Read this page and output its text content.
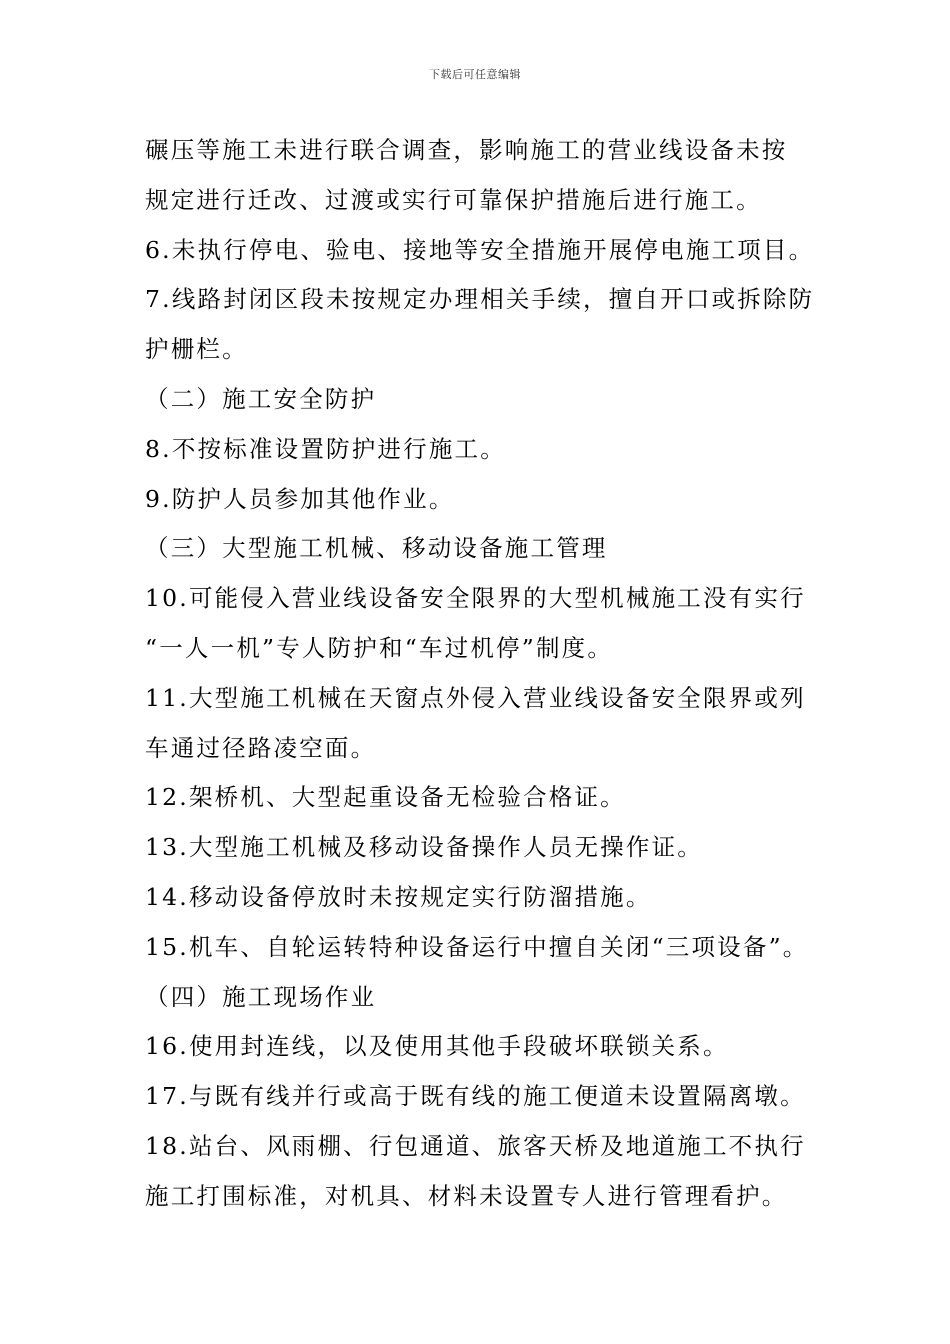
下载后可任意编辑
碾压等施工未进行联合调查，影响施工的营业线设备未按
规定进行迁改、过渡或实行可靠保护措施后进行施工。
6.未执行停电、验电、接地等安全措施开展停电施工项目。
7.线路封闭区段未按规定办理相关手续，擅自开口或拆除防
护栅栏。
（二）施工安全防护
8.不按标准设置防护进行施工。
9.防护人员参加其他作业。
（三）大型施工机械、移动设备施工管理
10.可能侵入营业线设备安全限界的大型机械施工没有实行
“一人一机”专人防护和“车过机停”制度。
11.大型施工机械在天窗点外侵入营业线设备安全限界或列
车通过径路凌空面。
12.架桥机、大型起重设备无检验合格证。
13.大型施工机械及移动设备操作人员无操作证。
14.移动设备停放时未按规定实行防溜措施。
15.机车、自轮运转特种设备运行中擅自关闭“三项设备”。
（四）施工现场作业
16.使用封连线，以及使用其他手段破坏联锁关系。
17.与既有线并行或高于既有线的施工便道未设置隔离墩。
18.站台、风雨棚、行包通道、旅客天桥及地道施工不执行
施工打围标准，对机具、材料未设置专人进行管理看护。
